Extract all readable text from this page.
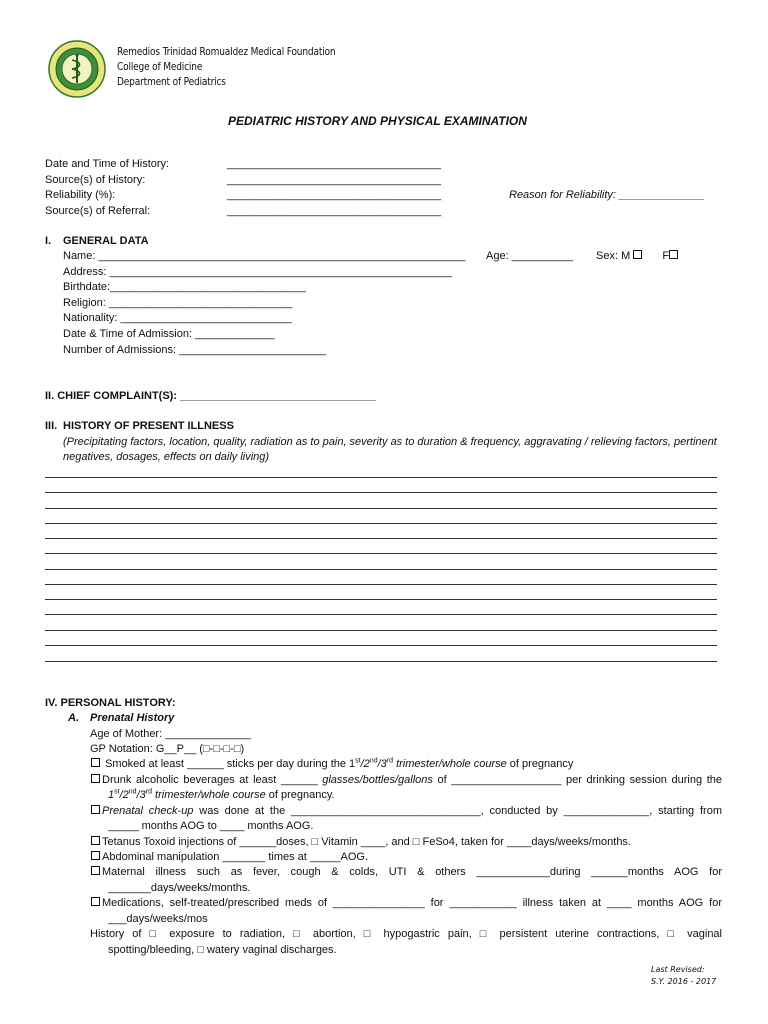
Remedios Trinidad Romualdez Medical Foundation
College of Medicine
Department of Pediatrics
PEDIATRIC HISTORY AND PHYSICAL EXAMINATION
Date and Time of History:	___________________________________
Source(s) of History:	___________________________________
Reliability (%):	___________________________________	Reason for Reliability: ______________
Source(s) of Referral:	___________________________________
I. GENERAL DATA
Name: ____________________________________________________________ Age: __________ Sex: M	F
Address: ________________________________________________________
Birthdate:________________________________
Religion: ______________________________
Nationality: ____________________________
Date & Time of Admission: _____________
Number of Admissions: ________________________
II. CHIEF COMPLAINT(S): ________________________________
III. HISTORY OF PRESENT ILLNESS
(Precipitating factors, location, quality, radiation as to pain, severity as to duration & frequency, aggravating / relieving factors, pertinent
negatives, dosages, effects on daily living)
IV. PERSONAL HISTORY:
A. Prenatal History
Age of Mother: ______________
GP Notation: G__P__ (□-□-□-□)
Smoked at least ______ sticks per day during the 1st/2nd/3rd trimester/whole course of pregnancy
Drunk alcoholic beverages at least ______ glasses/bottles/gallons of __________________ per drinking session during the
1st/2nd/3rd trimester/whole course of pregnancy.
Prenatal check-up was done at the _______________________________, conducted by ______________, starting from
_____ months AOG to ____ months AOG.
Tetanus Toxoid injections of ______doses, □ Vitamin ____, and □ FeSo4, taken for ____days/weeks/months.
Abdominal manipulation _______ times at _____AOG.
Maternal illness such as fever, cough & colds, UTI & others ____________during ______months AOG for
_______days/weeks/months.
Medications, self-treated/prescribed meds of _______________ for ___________ illness taken at ____ months AOG for
___days/weeks/mos
History of □ exposure to radiation, □ abortion, □ hypogastric pain, □ persistent uterine contractions, □ vaginal
spotting/bleeding, □ watery vaginal discharges.
Last Revised:
S.Y. 2016 - 2017
